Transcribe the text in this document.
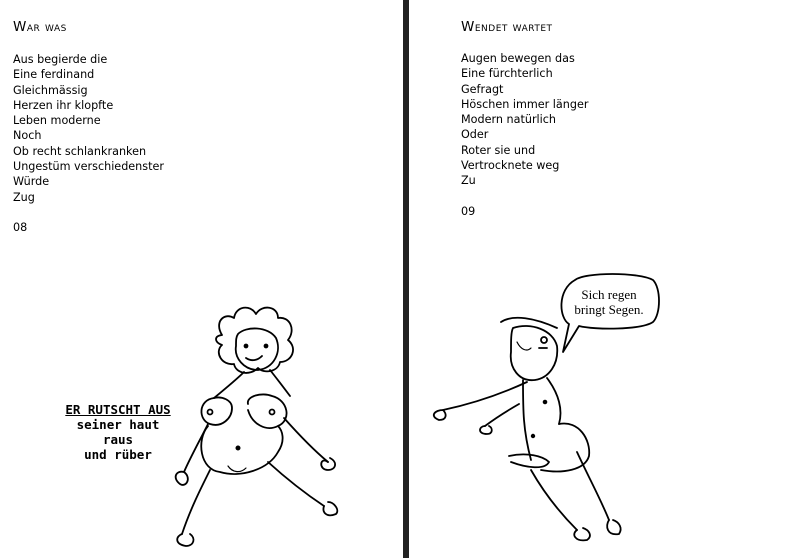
War was
Aus begierde die
Eine ferdinand
Gleichmässig
Herzen ihr klopfte
Leben moderne
Noch
Ob recht schlankranken
Ungestüm verschiedenster
Würde
Zug
08
ER RUTSCHT AUS
seiner haut
raus
und rüber
Wendet wartet
Augen bewegen das
Eine fürchterlich
Gefragt
Höschen immer länger
Modern natürlich
Oder
Roter sie und
Vertrocknete weg
Zu
09
Sich regen
bringt Segen.
